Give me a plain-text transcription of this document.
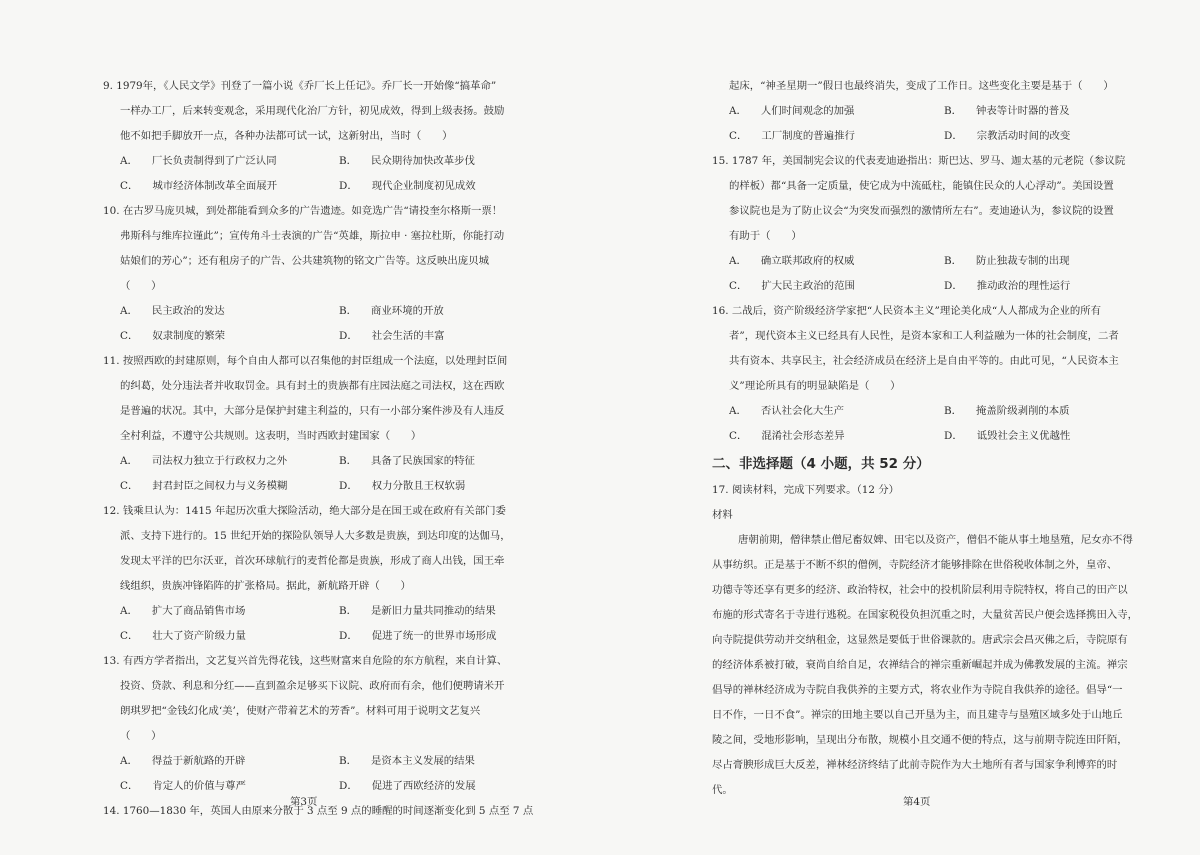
9. 1979年，《人民文学》刊登了一篇小说《乔厂长上任记》。乔厂长一开始像“搞革命”
一样办工厂，后来转变观念，采用现代化治厂方针，初见成效，得到上级表扬。鼓励
他不如把手脚放开一点，各种办法都可试一试，这新射出，当时（　　）
A． 厂长负责制得到了广泛认同	B． 民众期待加快改革步伐
C． 城市经济体制改革全面展开	D． 现代企业制度初见成效
10. 在古罗马庞贝城，到处都能看到众多的广告遗迹。如竞选广告“请投奎尔格斯一票！
弗斯科与维库拉谨此”；宣传角斗士表演的广告“英雄，斯拉申 · 塞拉杜斯，你能打动
姑娘们的芳心”；还有租房子的广告、公共建筑物的铭文广告等。这反映出庞贝城
（　　）
A． 民主政治的发达	B． 商业环境的开放
C． 奴隶制度的繁荣	D． 社会生活的丰富
11. 按照西欧的封建原则，每个自由人都可以召集他的封臣组成一个法庭，以处理封臣间
的纠葛，处分违法者并收取罚金。具有封土的贵族都有庄园法庭之司法权，这在西欧
是普遍的状况。其中，大部分是保护封建主利益的，只有一小部分案件涉及有人违反
全村利益，不遵守公共规则。这表明，当时西欧封建国家（　　）
A． 司法权力独立于行政权力之外	B． 具备了民族国家的特征
C． 封君封臣之间权力与义务模糊	D． 权力分散且王权软弱
12. 钱乘旦认为：1415 年起历次重大探险活动，绝大部分是在国王或在政府有关部门委
派、支持下进行的。15 世纪开始的探险队领导人大多数是贵族，到达印度的达伽马，
发现太平洋的巴尔沃亚，首次环球航行的麦哲伦都是贵族，形成了商人出钱，国王牵
线组织，贵族冲锋陷阵的扩张格局。据此，新航路开辟（　　）
A． 扩大了商品销售市场	B． 是新旧力量共同推动的结果
C． 壮大了资产阶级力量	D． 促进了统一的世界市场形成
13. 有西方学者指出，文艺复兴首先得花钱，这些财富来自危险的东方航程，来自计算、
投资、贷款、利息和分红——直到盈余足够买下议院、政府而有余，他们便聘请米开
朗琪罗把“金钱幻化成‘美’，使财产带着艺术的芳香”。材料可用于说明文艺复兴
（　　）
A． 得益于新航路的开辟	B． 是资本主义发展的结果
C． 肯定人的价值与尊严	D． 促进了西欧经济的发展
14. 1760—1830 年，英国人由原来分散于 3 点至 9 点的睡醒的时间逐渐变化到 5 点至 7 点
第3页
起床，“神圣星期一”假日也最终消失，变成了工作日。这些变化主要是基于（　　）
A． 人们时间观念的加强	B． 钟表等计时器的普及
C． 工厂制度的普遍推行	D． 宗教活动时间的改变
15. 1787 年，美国制宪会议的代表麦迪逊指出：斯巴达、罗马、迦太基的元老院（参议院
的样板）都“具备一定质量，使它成为中流砥柱，能镇住民众的人心浮动”。美国设置
参议院也是为了防止议会“为突发而强烈的激情所左右”。麦迪逊认为，参议院的设置
有助于（　　）
A． 确立联邦政府的权威	B． 防止独裁专制的出现
C． 扩大民主政治的范围	D． 推动政治的理性运行
16. 二战后，资产阶级经济学家把“人民资本主义”理论美化成“人人都成为企业的所有
者”，现代资本主义已经具有人民性，是资本家和工人利益融为一体的社会制度，二者
共有资本、共享民主，社会经济成员在经济上是自由平等的。由此可见，“人民资本主
义”理论所具有的明显缺陷是（　　）
A． 否认社会化大生产	B． 掩盖阶级剥削的本质
C． 混淆社会形态差异	D． 诋毁社会主义优越性
二、非选择题（4 小题，共 52 分）
17. 阅读材料，完成下列要求。（12 分）
材料
唐朝前期，僧律禁止僧尼畜奴婢、田宅以及资产，僧侣不能从事土地垦殖，尼女亦不得
从事纺织。正是基于不断不织的僧例，寺院经济才能够排除在世俗税收体制之外，皇帝、
功德寺等还享有更多的经济、政治特权，社会中的投机阶层利用寺院特权，将自己的田产以
布施的形式寄名于寺进行逃税。在国家税役负担沉重之时，大量贫苦民户便会选择携田入寺，
向寺院提供劳动并交纳租金，这显然是要低于世俗课款的。唐武宗会昌灭佛之后，寺院原有
的经济体系被打破，衰尚自给自足，农禅结合的禅宗重新崛起并成为佛教发展的主流。禅宗
倡导的禅林经济成为寺院自我供养的主要方式，将农业作为寺院自我供养的途径。倡导“一
日不作，一日不食”。禅宗的田地主要以自己开垦为主，而且建寺与垦殖区域多处于山地丘
陵之间，受地形影响，呈现出分布散，规模小且交通不便的特点，这与前期寺院连田阡陌，
尽占膏腴形成巨大反差，禅林经济终结了此前寺院作为大土地所有者与国家争利博弈的时
代。
第4页
